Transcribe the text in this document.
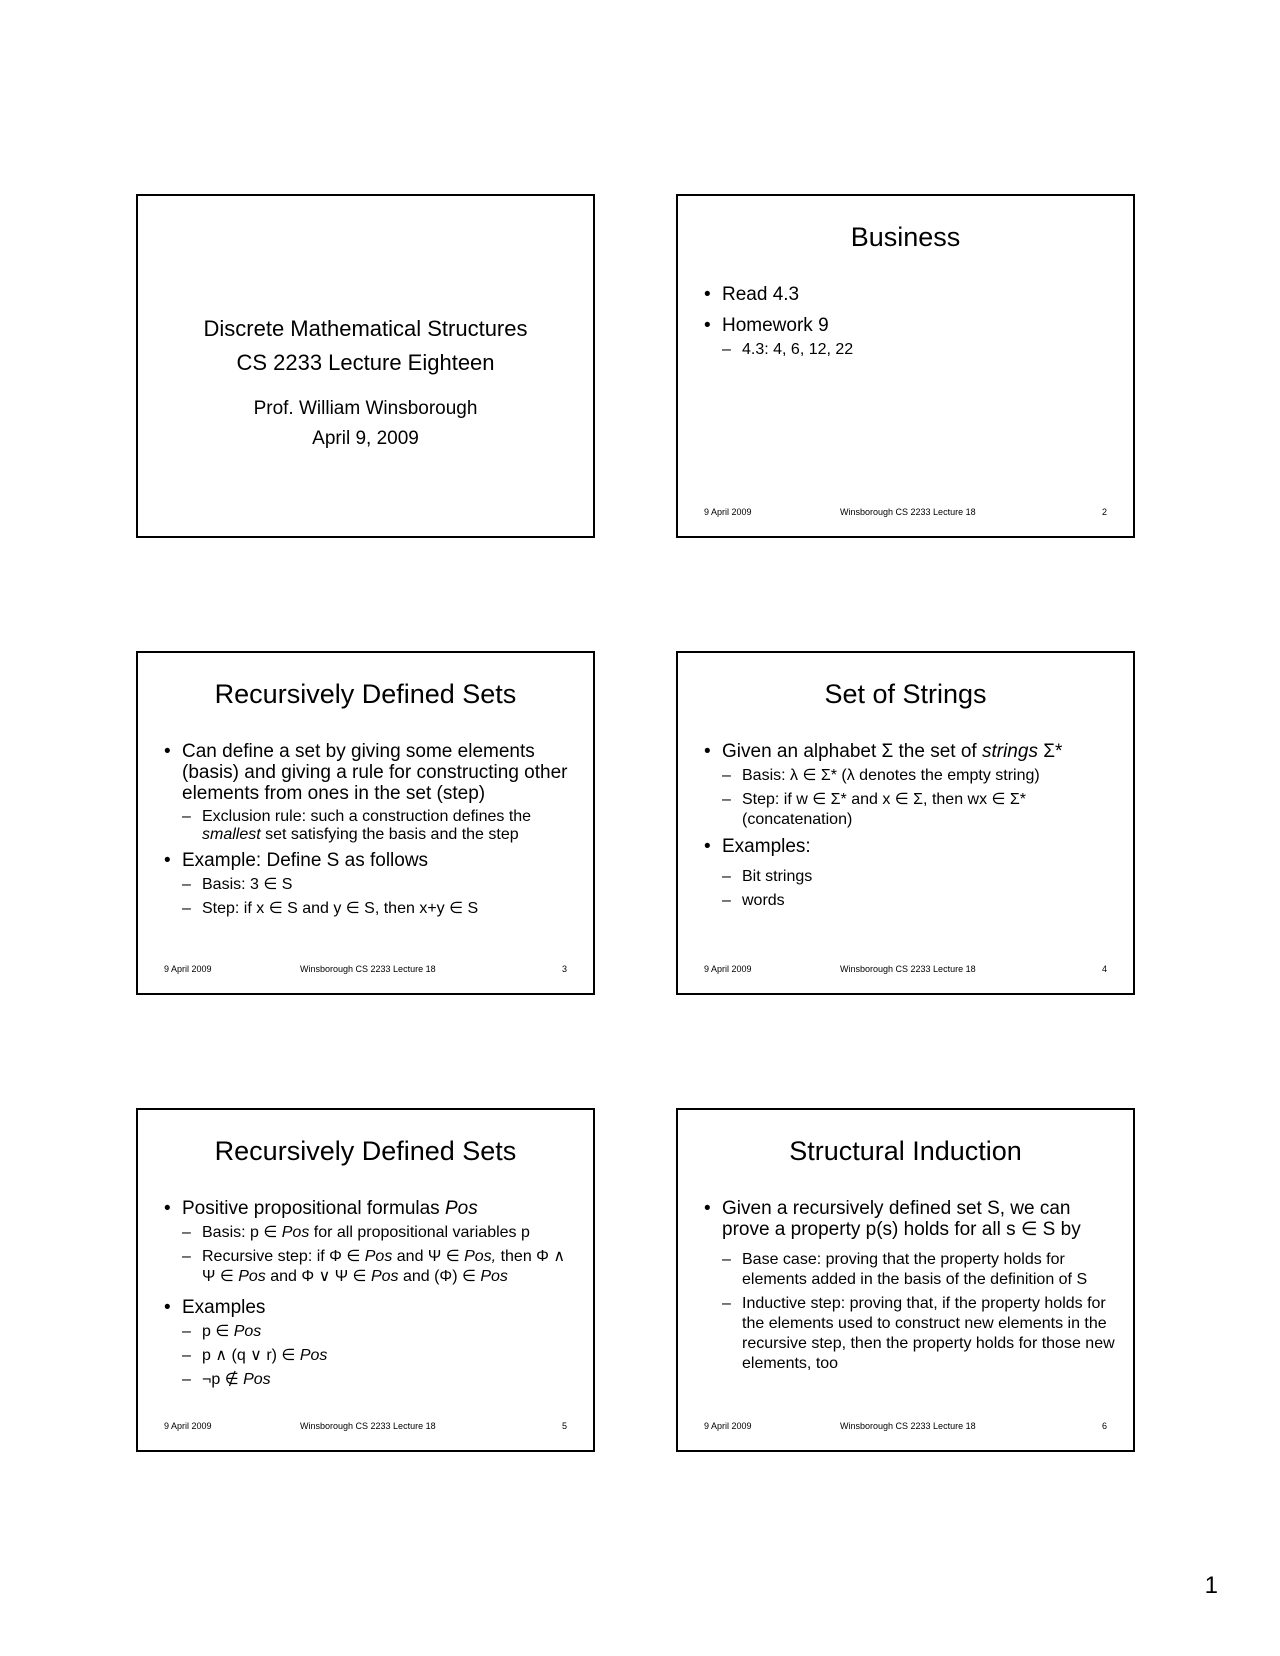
Discrete Mathematical Structures
CS 2233 Lecture Eighteen
Prof. William Winsborough
April 9, 2009
Business
• Read 4.3
• Homework 9
– 4.3: 4, 6, 12, 22
9 April 2009	Winsborough CS 2233 Lecture 18	2
Recursively Defined Sets
• Can define a set by giving some elements (basis) and giving a rule for constructing other elements from ones in the set (step)
– Exclusion rule: such a construction defines the smallest set satisfying the basis and the step
• Example: Define S as follows
– Basis: 3 ∈ S
– Step: if x ∈ S and y ∈ S, then x+y ∈ S
9 April 2009	Winsborough CS 2233 Lecture 18	3
Set of Strings
• Given an alphabet Σ the set of strings Σ*
– Basis: λ ∈ Σ* (λ denotes the empty string)
– Step: if w ∈ Σ* and x ∈ Σ, then wx ∈ Σ* (concatenation)
• Examples:
– Bit strings
– words
9 April 2009	Winsborough CS 2233 Lecture 18	4
Recursively Defined Sets
• Positive propositional formulas Pos
– Basis: p ∈ Pos for all propositional variables p
– Recursive step: if Φ ∈ Pos and Ψ ∈ Pos, then Φ ∧ Ψ ∈ Pos and Φ ∨ Ψ ∈ Pos and (Φ) ∈ Pos
• Examples
– p ∈ Pos
– p ∧ (q ∨ r) ∈ Pos
– ¬p ∉ Pos
9 April 2009	Winsborough CS 2233 Lecture 18	5
Structural Induction
• Given a recursively defined set S, we can prove a property p(s) holds for all s ∈ S by
– Base case: proving that the property holds for elements added in the basis of the definition of S
– Inductive step: proving that, if the property holds for the elements used to construct new elements in the recursive step, then the property holds for those new elements, too
9 April 2009	Winsborough CS 2233 Lecture 18	6
1
